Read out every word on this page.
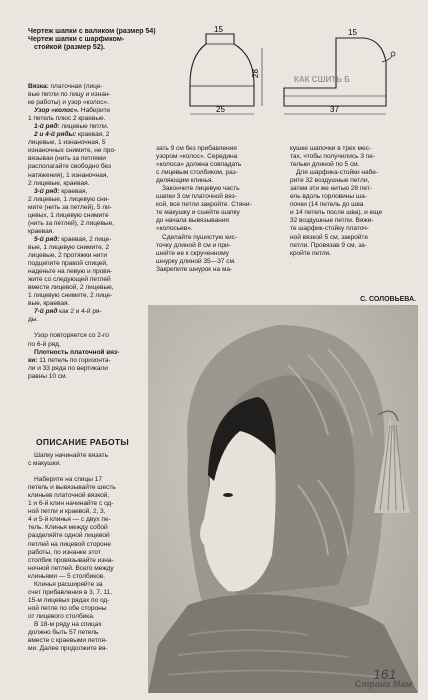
Чертеж шапки с валиком (размер 54)
Чертеж шапки с шарфиком-
стойкой (размер 52).
15
28
25
15
37
КАК СШИТЬ Б
Вязка: платочная (лице-
вые петли по лицу и изнан-
ке работы) и узор «колос».
Узор «колос». Наберите
1 петель плюс 2 краевые.
1-й ряд: лицевые петли.
2 и 4-й ряды: краевая, 2
лицевые, 1 изнаночная, 5
изнаночных снимите, не про-
вязывая (нить за петлями
располагайте свободно без
натяжения), 1 изнаночная,
2 лицевые, краевая.
3-й ряд: краевая,
2 лицевые, 1 лицевую сни-
мите (нить за петлей), 5 ли-
цевых, 1 лицевую снимите
(нить за петлей), 2 лицевые,
краевая.
5-й ряд: краевая, 2 лице-
вые, 1 лицевую снимите, 2
лицевые, 2 протяжки нити
подцепите правой спицей,
наденьте на левую и провя-
жите со следующей петлей
вместе лицевой, 2 лицевые,
1 лицевую снимите, 2 лице-
вые, краевая.
7-й ряд как 2 и 4-й ря-
ды.

Узор повторяется со 2-го
по 6-й ряд.
Плотность платочной вяз-
ки: 11 петель по горизонта-
ли и 33 ряда по вертикали
равны 10 см.
ОПИСАНИЕ РАБОТЫ
Шапку начинайте вязать
с макушки.

Наберите на спицы 17
петель и вывязывайте шесть
клиньев платочной вязкой,
1 и 6-й клин начинайте с од-
ной петли и краевой, 2, 3,
4 и 5-й клинья — с двух пе-
тель. Клинья между собой
разделяйте одной лицевой
петлей на лицевой стороне
работы, по изнанке этот
столбик провязывайте изна-
ночной петлей. Всего между
клиньями — 5 столбиков.
Клинья расширяйте за
счет прибавления в 3, 7, 11,
15-м лицевых рядах по од-
ной петле по обе стороны
от лицевого столбика.
В 18-м ряду на спицах
должно быть 57 петель
вместе с краевыми петля-
ми. Далее продолжите вя-
зать 9 см без прибавления
узором «колос». Середина
«колоса» должна совпадать
с лицевым столбиком, раз-
деляющим клинья.
Закончите лицевую часть
шапки 3 см платочной вяз-
кой, все петли закройте. Стяни-
те макушку и сшейте шапку
до начала вывязывания
«колосьев».
Сделайте пушистую кис-
точку длиной 8 см и при-
шейте ее к скрученному
шнурку длиной 35—37 см.
Закрепите шнурок на ма-
кушке шапочки в трех мес-
тах, чтобы получились 3 пе-
тельки длиной по 5 см.
Для шарфика-стойки набе-
рите 32 воздушные петли,
затем эти же нитью 28 пет-
ель вдоль горловины ша-
почки (14 петель до шва
и 14 петель после шва), и еще
32 воздушные петли. Вяжи-
те шарфик-стойку платоч-
ной вязкой 5 см, закройте
петли. Провязав 9 см, за-
кройте петли.
С. СОЛОВЬЕВА.
Страна Мам
161
